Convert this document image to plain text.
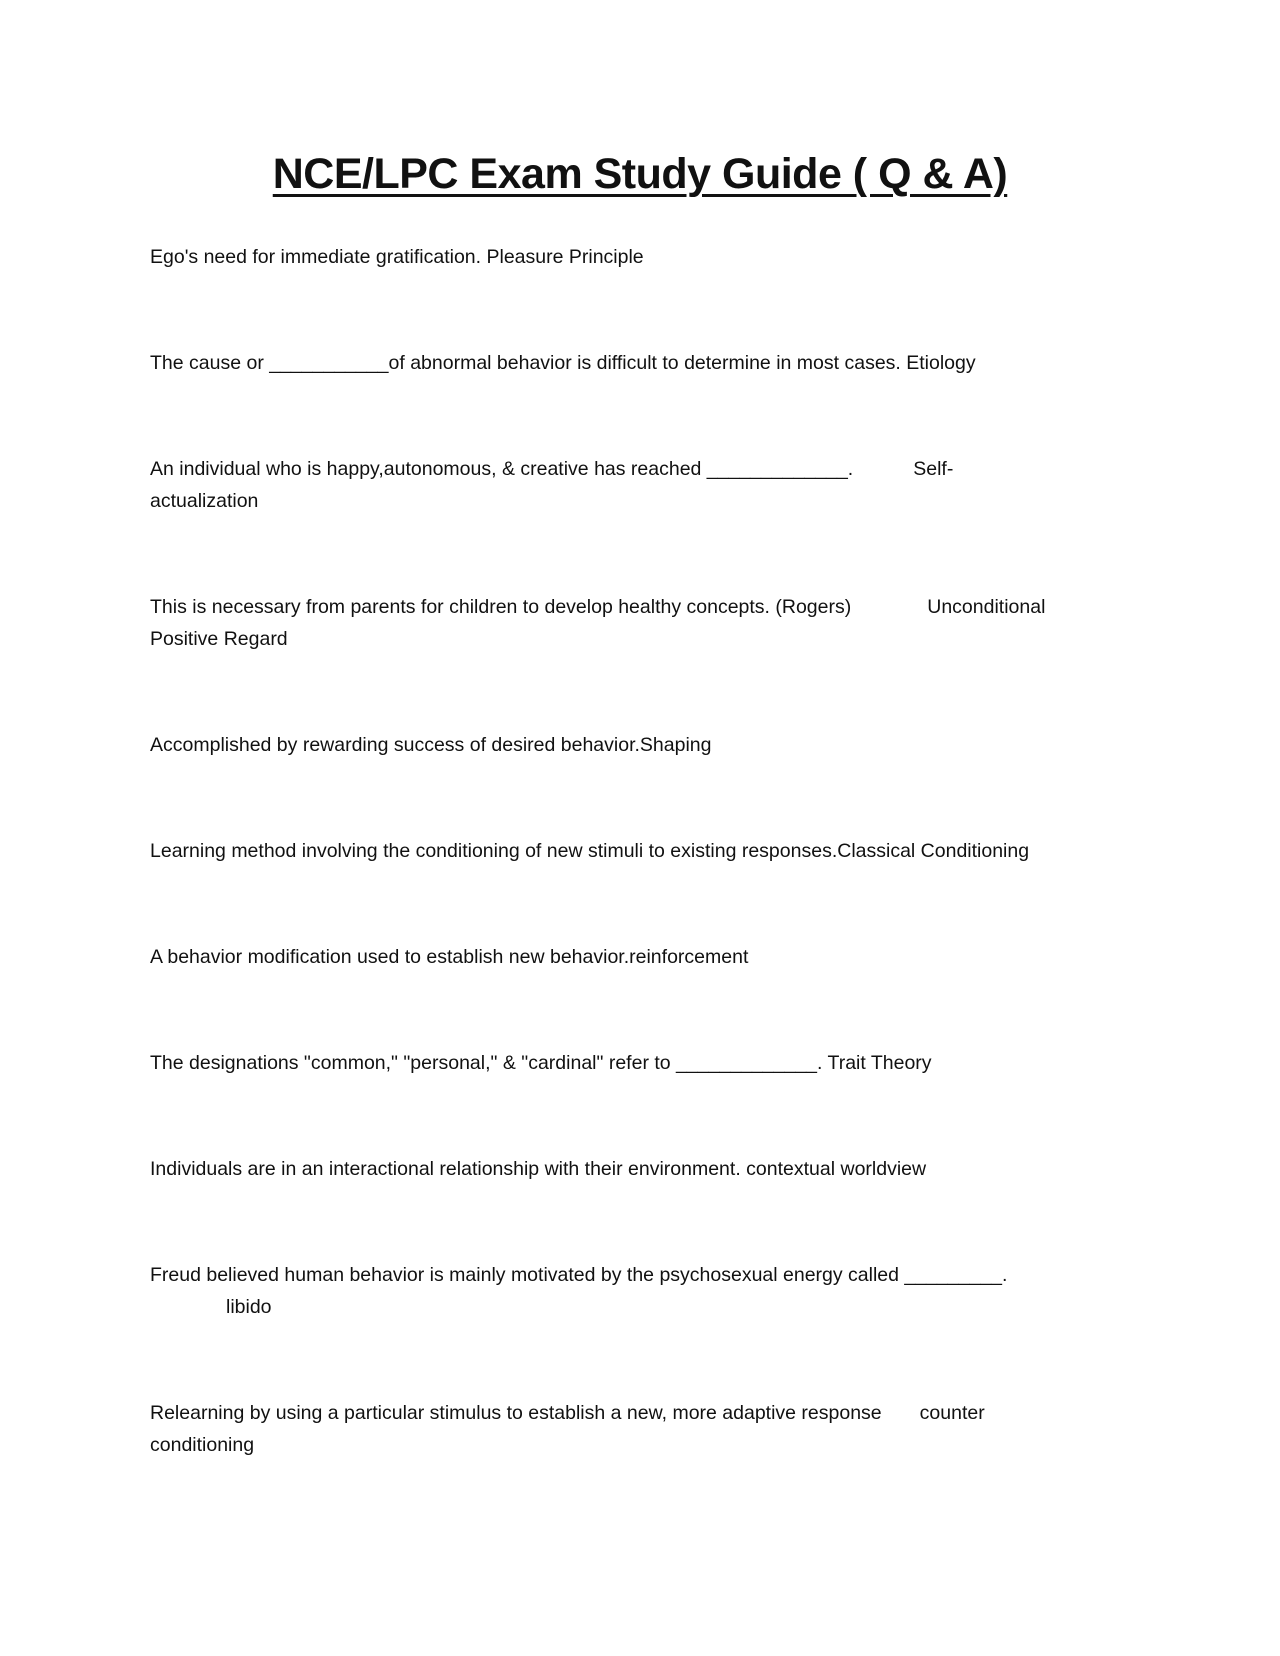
NCE/LPC Exam Study Guide ( Q & A)
Ego's need for immediate gratification. Pleasure Principle
The cause or ___________of abnormal behavior is difficult to determine in most cases. Etiology
An individual who is happy,autonomous, & creative has reached _____________.	Self-
actualization
This is necessary from parents for children to develop healthy concepts. (Rogers)	Unconditional
Positive Regard
Accomplished by rewarding success of desired behavior.Shaping
Learning method involving the conditioning of new stimuli to existing responses.Classical Conditioning
A behavior modification used to establish new behavior.reinforcement
The designations "common," "personal," & "cardinal" refer to _____________. Trait Theory
Individuals are in an interactional relationship with their environment. contextual worldview
Freud believed human behavior is mainly motivated by the psychosexual energy called _________.
libido
Relearning by using a particular stimulus to establish a new, more adaptive response counter
conditioning
